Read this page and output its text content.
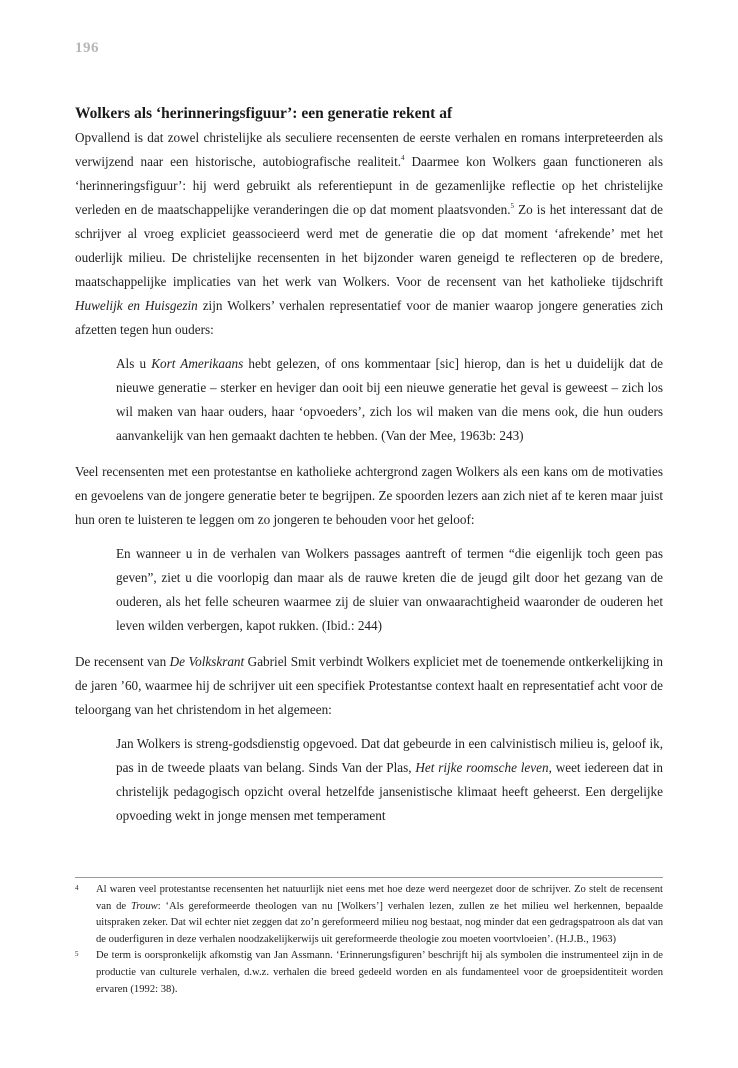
196
Wolkers als ‘herinneringsfiguur’: een generatie rekent af

Opvallend is dat zowel christelijke als seculiere recensenten de eerste verhalen en romans interpreteerden als verwijzend naar een historische, autobiografische realiteit.$^4$ Daarmee kon Wolkers gaan functioneren als ‘herinneringsfiguur’: hij werd gebruikt als referentiepunt in de gezamenlijke reflectie op het christelijke verleden en de maatschappelijke veranderingen die op dat moment plaatsvonden.$^5$ Zo is het interessant dat de schrijver al vroeg expliciet geassocieerd werd met de generatie die op dat moment ‘afrekende’ met het ouderlijk milieu. De christelijke recensenten in het bijzonder waren geneigd te reflecteren op de bredere, maatschappelijke implicaties van het werk van Wolkers. Voor de recensent van het katholieke tijdschrift Huwelijk en Huisgezin zijn Wolkers’ verhalen representatief voor de manier waarop jongere generaties zich afzetten tegen hun ouders:

Als u Kort Amerikaans hebt gelezen, of ons kommentaar [sic] hierop, dan is het u duidelijk dat de nieuwe generatie – sterker en heviger dan ooit bij een nieuwe generatie het geval is geweest – zich los wil maken van haar ouders, haar ‘opvoeders’, zich los wil maken van die mens ook, die hun ouders aanvankelijk van hen gemaakt dachten te hebben. (Van der Mee, 1963b: 243)

Veel recensenten met een protestantse en katholieke achtergrond zagen Wolkers als een kans om de motivaties en gevoelens van de jongere generatie beter te begrijpen. Ze spoorden lezers aan zich niet af te keren maar juist hun oren te luisteren te leggen om zo jongeren te behouden voor het geloof:

En wanneer u in de verhalen van Wolkers passages aantreft of termen “die eigenlijk toch geen pas geven”, ziet u die voorlopig dan maar als de rauwe kreten die de jeugd gilt door het gezang van de ouderen, als het felle scheuren waarmee zij de sluier van onwaarachtigheid waaronder de ouderen het leven wilden verbergen, kapot rukken. (Ibid.: 244)

De recensent van De Volkskrant Gabriel Smit verbindt Wolkers expliciet met de toenemende ontkerkelijking in de jaren ’60, waarmee hij de schrijver uit een specifiek Protestantse context haalt en representatief acht voor de teloorgang van het christendom in het algemeen:

Jan Wolkers is streng-godsdienstig opgevoed. Dat dat gebeurde in een calvinistisch milieu is, geloof ik, pas in de tweede plaats van belang. Sinds Van der Plas, Het rijke roomsche leven, weet iedereen dat in christelijk pedagogisch opzicht overal hetzelfde jansenistische klimaat heeft geheerst. Een dergelijke opvoeding wekt in jonge mensen met temperament
4	Al waren veel protestantse recensenten het natuurlijk niet eens met hoe deze werd neergezet door de schrijver. Zo stelt de recensent van de Trouw: ‘Als gereformeerde theologen van nu [Wolkers’] verhalen lezen, zullen ze het milieu wel herkennen, bepaalde uitspraken zeker. Dat wil echter niet zeggen dat zo’n gereformeerd milieu nog bestaat, nog minder dat een gedragspatroon als dat van de ouderfiguren in deze verhalen noodzakelijkerwijs uit gereformeerde theologie zou moeten voortvloeien’. (H.J.B., 1963)
5	De term is oorspronkelijk afkomstig van Jan Assmann. ‘Erinnerungsfiguren’ beschrijft hij als symbolen die instrumenteel zijn in de productie van culturele verhalen, d.w.z. verhalen die breed gedeeld worden en als fundamenteel voor de groepsidentiteit worden ervaren (1992: 38).
